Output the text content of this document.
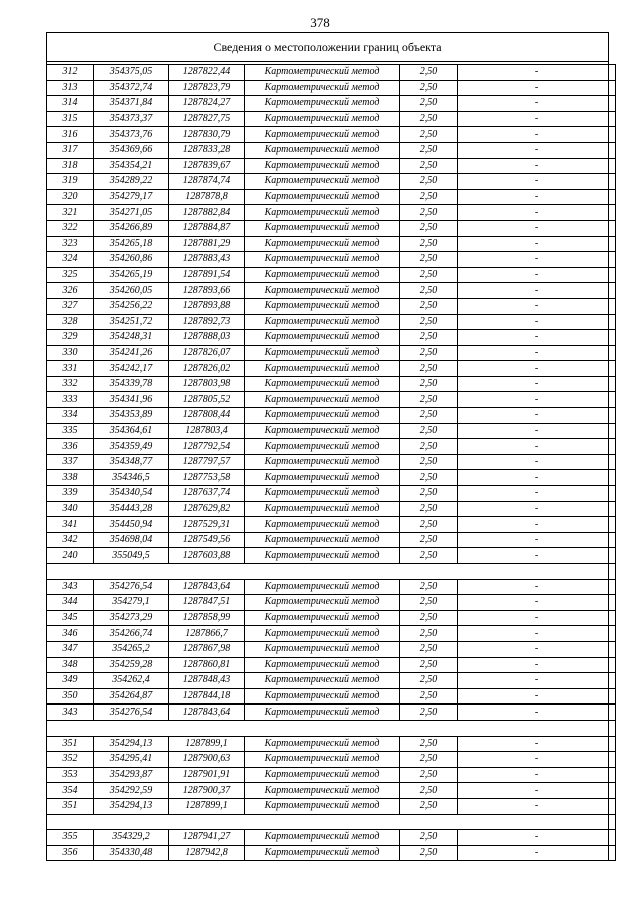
378
Сведения о местоположении границ объекта
312	354375,05	1287822,44	Картометрический метод	2,50	-
313	354372,74	1287823,79	Картометрический метод	2,50	-
314	354371,84	1287824,27	Картометрический метод	2,50	-
315	354373,37	1287827,75	Картометрический метод	2,50	-
316	354373,76	1287830,79	Картометрический метод	2,50	-
317	354369,66	1287833,28	Картометрический метод	2,50	-
318	354354,21	1287839,67	Картометрический метод	2,50	-
319	354289,22	1287874,74	Картометрический метод	2,50	-
320	354279,17	1287878,8	Картометрический метод	2,50	-
321	354271,05	1287882,84	Картометрический метод	2,50	-
322	354266,89	1287884,87	Картометрический метод	2,50	-
323	354265,18	1287881,29	Картометрический метод	2,50	-
324	354260,86	1287883,43	Картометрический метод	2,50	-
325	354265,19	1287891,54	Картометрический метод	2,50	-
326	354260,05	1287893,66	Картометрический метод	2,50	-
327	354256,22	1287893,88	Картометрический метод	2,50	-
328	354251,72	1287892,73	Картометрический метод	2,50	-
329	354248,31	1287888,03	Картометрический метод	2,50	-
330	354241,26	1287826,07	Картометрический метод	2,50	-
331	354242,17	1287826,02	Картометрический метод	2,50	-
332	354339,78	1287803,98	Картометрический метод	2,50	-
333	354341,96	1287805,52	Картометрический метод	2,50	-
334	354353,89	1287808,44	Картометрический метод	2,50	-
335	354364,61	1287803,4	Картометрический метод	2,50	-
336	354359,49	1287792,54	Картометрический метод	2,50	-
337	354348,77	1287797,57	Картометрический метод	2,50	-
338	354346,5	1287753,58	Картометрический метод	2,50	-
339	354340,54	1287637,74	Картометрический метод	2,50	-
340	354443,28	1287629,82	Картометрический метод	2,50	-
341	354450,94	1287529,31	Картометрический метод	2,50	-
342	354698,04	1287549,56	Картометрический метод	2,50	-
240	355049,5	1287603,88	Картометрический метод	2,50	-

343	354276,54	1287843,64	Картометрический метод	2,50	-
344	354279,1	1287847,51	Картометрический метод	2,50	-
345	354273,29	1287858,99	Картометрический метод	2,50	-
346	354266,74	1287866,7	Картометрический метод	2,50	-
347	354265,2	1287867,98	Картометрический метод	2,50	-
348	354259,28	1287860,81	Картометрический метод	2,50	-
349	354262,4	1287848,43	Картометрический метод	2,50	-
350	354264,87	1287844,18	Картометрический метод	2,50	-
343	354276,54	1287843,64	Картометрический метод	2,50	-

351	354294,13	1287899,1	Картометрический метод	2,50	-
352	354295,41	1287900,63	Картометрический метод	2,50	-
353	354293,87	1287901,91	Картометрический метод	2,50	-
354	354292,59	1287900,37	Картометрический метод	2,50	-
351	354294,13	1287899,1	Картометрический метод	2,50	-

355	354329,2	1287941,27	Картометрический метод	2,50	-
356	354330,48	1287942,8	Картометрический метод	2,50	-
